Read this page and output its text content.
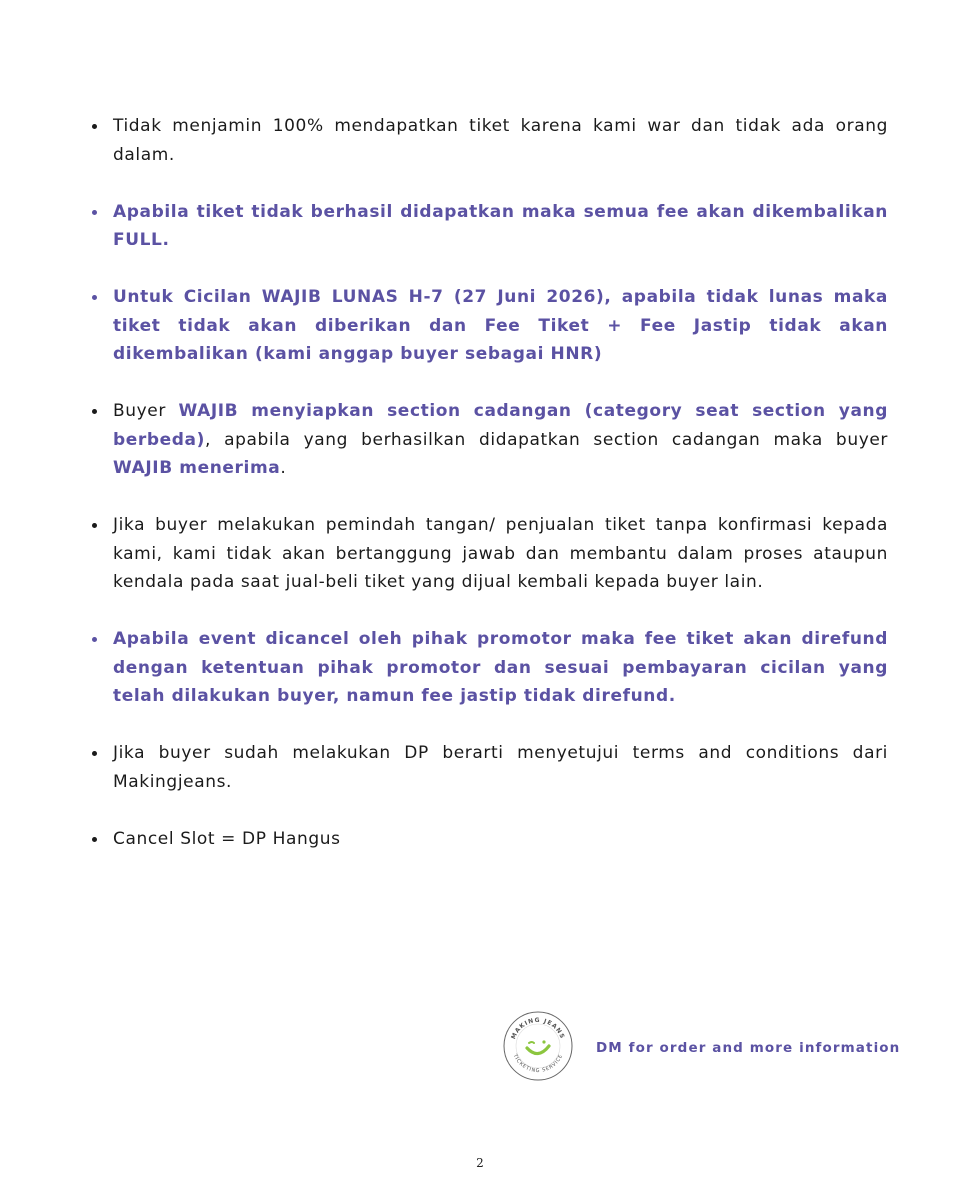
Tidak menjamin 100% mendapatkan tiket karena kami war dan tidak ada orang dalam.
Apabila tiket tidak berhasil didapatkan maka semua fee akan dikembalikan FULL.
Untuk Cicilan WAJIB LUNAS H-7 (27 Juni 2026), apabila tidak lunas maka tiket tidak akan diberikan dan Fee Tiket + Fee Jastip tidak akan dikembalikan (kami anggap buyer sebagai HNR)
Buyer WAJIB menyiapkan section cadangan (category seat section yang berbeda), apabila yang berhasilkan didapatkan section cadangan maka buyer WAJIB menerima.
Jika buyer melakukan pemindah tangan/ penjualan tiket tanpa konfirmasi kepada kami, kami tidak akan bertanggung jawab dan membantu dalam proses ataupun kendala pada saat jual-beli tiket yang dijual kembali kepada buyer lain.
Apabila event dicancel oleh pihak promotor maka fee tiket akan direfund dengan ketentuan pihak promotor dan sesuai pembayaran cicilan yang telah dilakukan buyer, namun fee jastip tidak direfund.
Jika buyer sudah melakukan DP berarti menyetujui terms and conditions dari Makingjeans.
Cancel Slot = DP Hangus
MAKING JEANS
TICKETING SERVICE
DM for order and more information
2
